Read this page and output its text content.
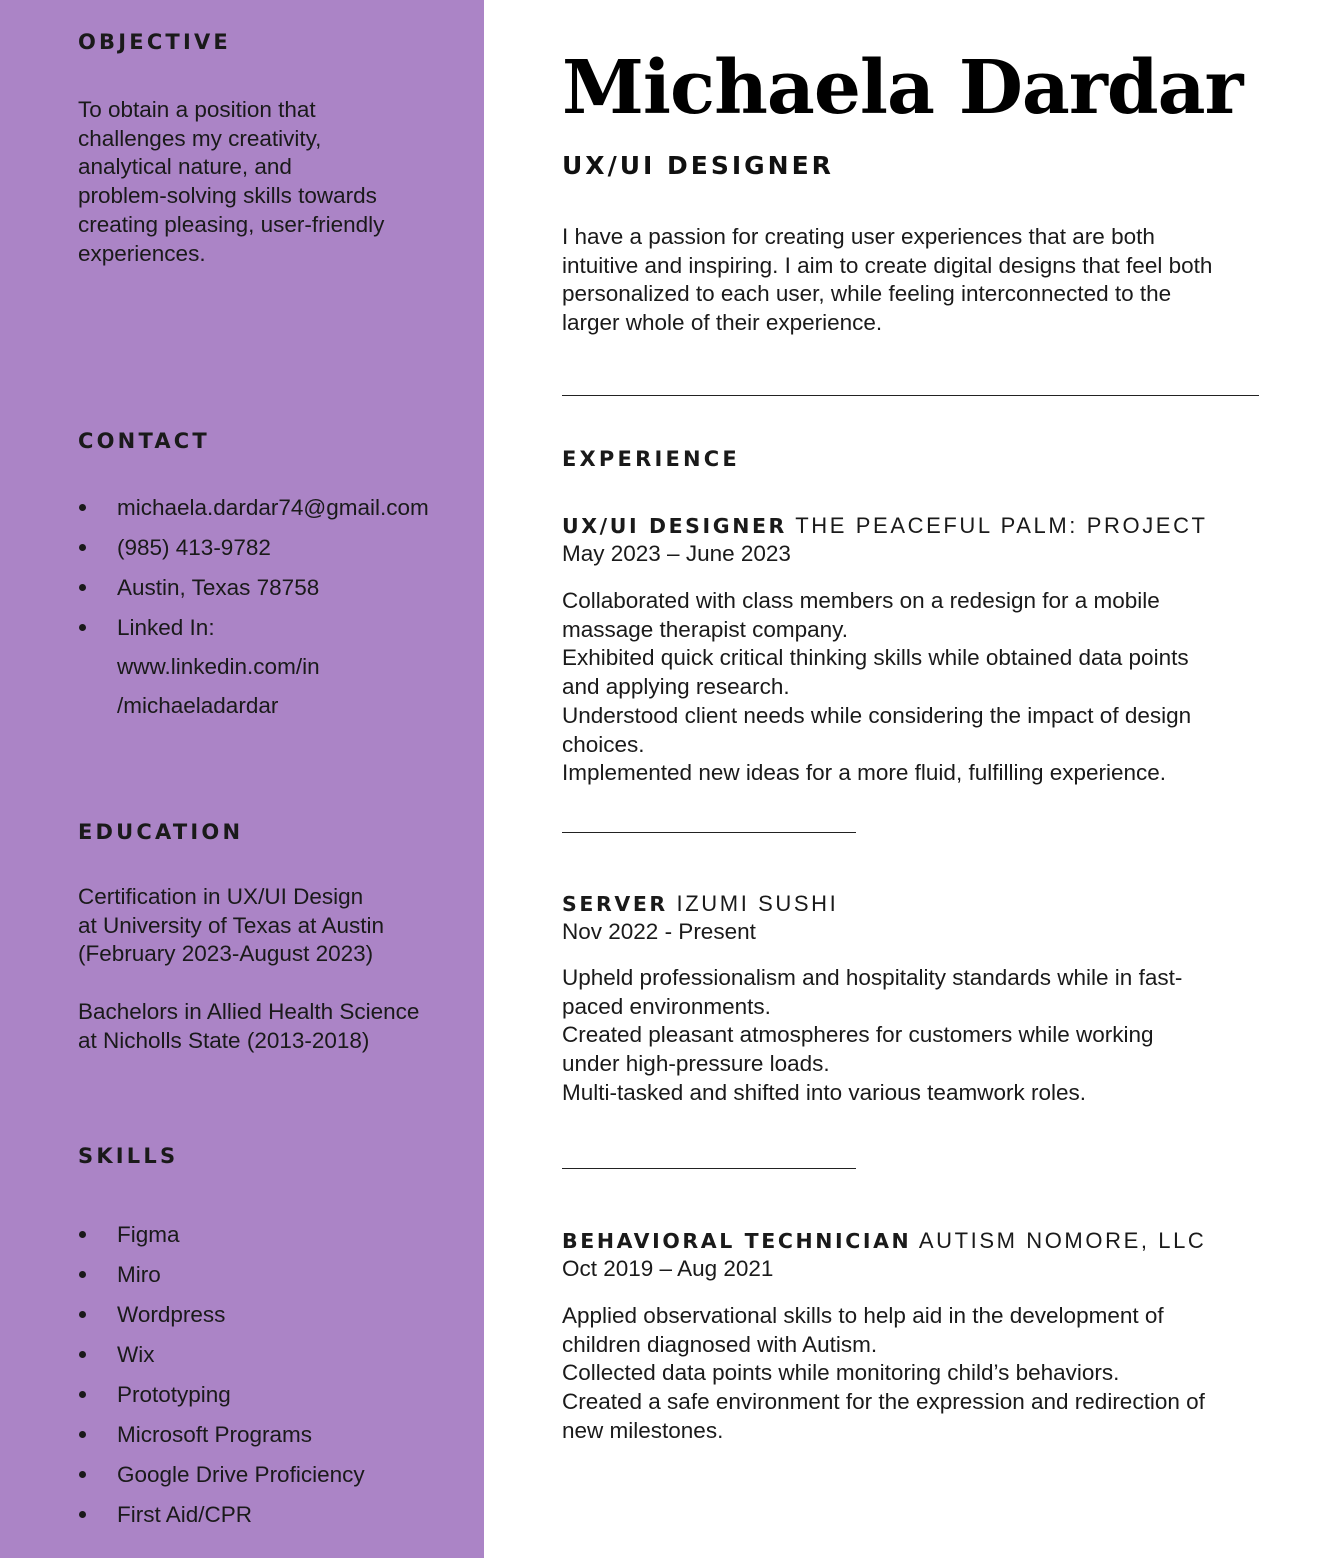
OBJECTIVE
To obtain a position that
challenges my creativity,
analytical nature, and
problem-solving skills towards
creating pleasing, user-friendly
experiences.
CONTACT
michaela.dardar74@gmail.com
(985) 413-9782
Austin, Texas 78758
Linked In:
www.linkedin.com/in
/michaeladardar
EDUCATION
Certification in UX/UI Design
at University of Texas at Austin
(February 2023-August 2023)
Bachelors in Allied Health Science
at Nicholls State (2013-2018)
SKILLS
Figma
Miro
Wordpress
Wix
Prototyping
Microsoft Programs
Google Drive Proficiency
First Aid/CPR
Michaela Dardar
UX/UI DESIGNER
I have a passion for creating user experiences that are both
intuitive and inspiring. I aim to create digital designs that feel both
personalized to each user, while feeling interconnected to the
larger whole of their experience.
EXPERIENCE
UX/UI DESIGNER THE PEACEFUL PALM: PROJECT
May 2023 – June 2023
Collaborated with class members on a redesign for a mobile
massage therapist company.
Exhibited quick critical thinking skills while obtained data points
and applying research.
Understood client needs while considering the impact of design
choices.
Implemented new ideas for a more fluid, fulfilling experience.
SERVER IZUMI SUSHI
Nov 2022 - Present
Upheld professionalism and hospitality standards while in fast-
paced environments.
Created pleasant atmospheres for customers while working
under high-pressure loads.
Multi-tasked and shifted into various teamwork roles.
BEHAVIORAL TECHNICIAN AUTISM NOMORE, LLC
Oct 2019 – Aug 2021
Applied observational skills to help aid in the development of
children diagnosed with Autism.
Collected data points while monitoring child’s behaviors.
Created a safe environment for the expression and redirection of
new milestones.
